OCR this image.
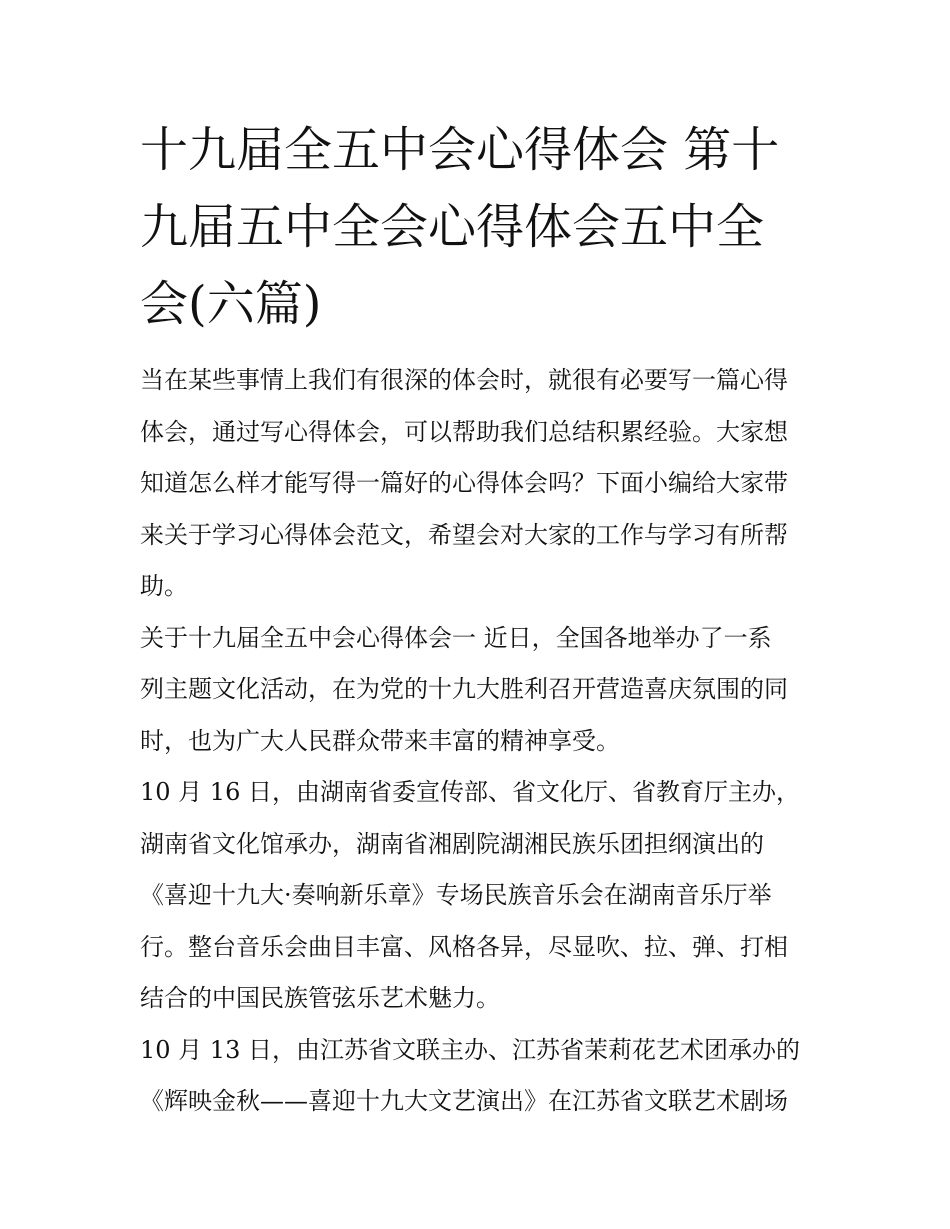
十九届全五中会心得体会 第十
九届五中全会心得体会五中全
会(六篇)
当在某些事情上我们有很深的体会时，就很有必要写一篇心得
体会，通过写心得体会，可以帮助我们总结积累经验。大家想
知道怎么样才能写得一篇好的心得体会吗？下面小编给大家带
来关于学习心得体会范文，希望会对大家的工作与学习有所帮
助。
关于十九届全五中会心得体会一 近日，全国各地举办了一系
列主题文化活动，在为党的十九大胜利召开营造喜庆氛围的同
时，也为广大人民群众带来丰富的精神享受。
10 月 16 日，由湖南省委宣传部、省文化厅、省教育厅主办，
湖南省文化馆承办，湖南省湘剧院湖湘民族乐团担纲演出的
《喜迎十九大·奏响新乐章》专场民族音乐会在湖南音乐厅举
行。整台音乐会曲目丰富、风格各异，尽显吹、拉、弹、打相
结合的中国民族管弦乐艺术魅力。
10 月 13 日，由江苏省文联主办、江苏省茉莉花艺术团承办的
《辉映金秋——喜迎十九大文艺演出》在江苏省文联艺术剧场
